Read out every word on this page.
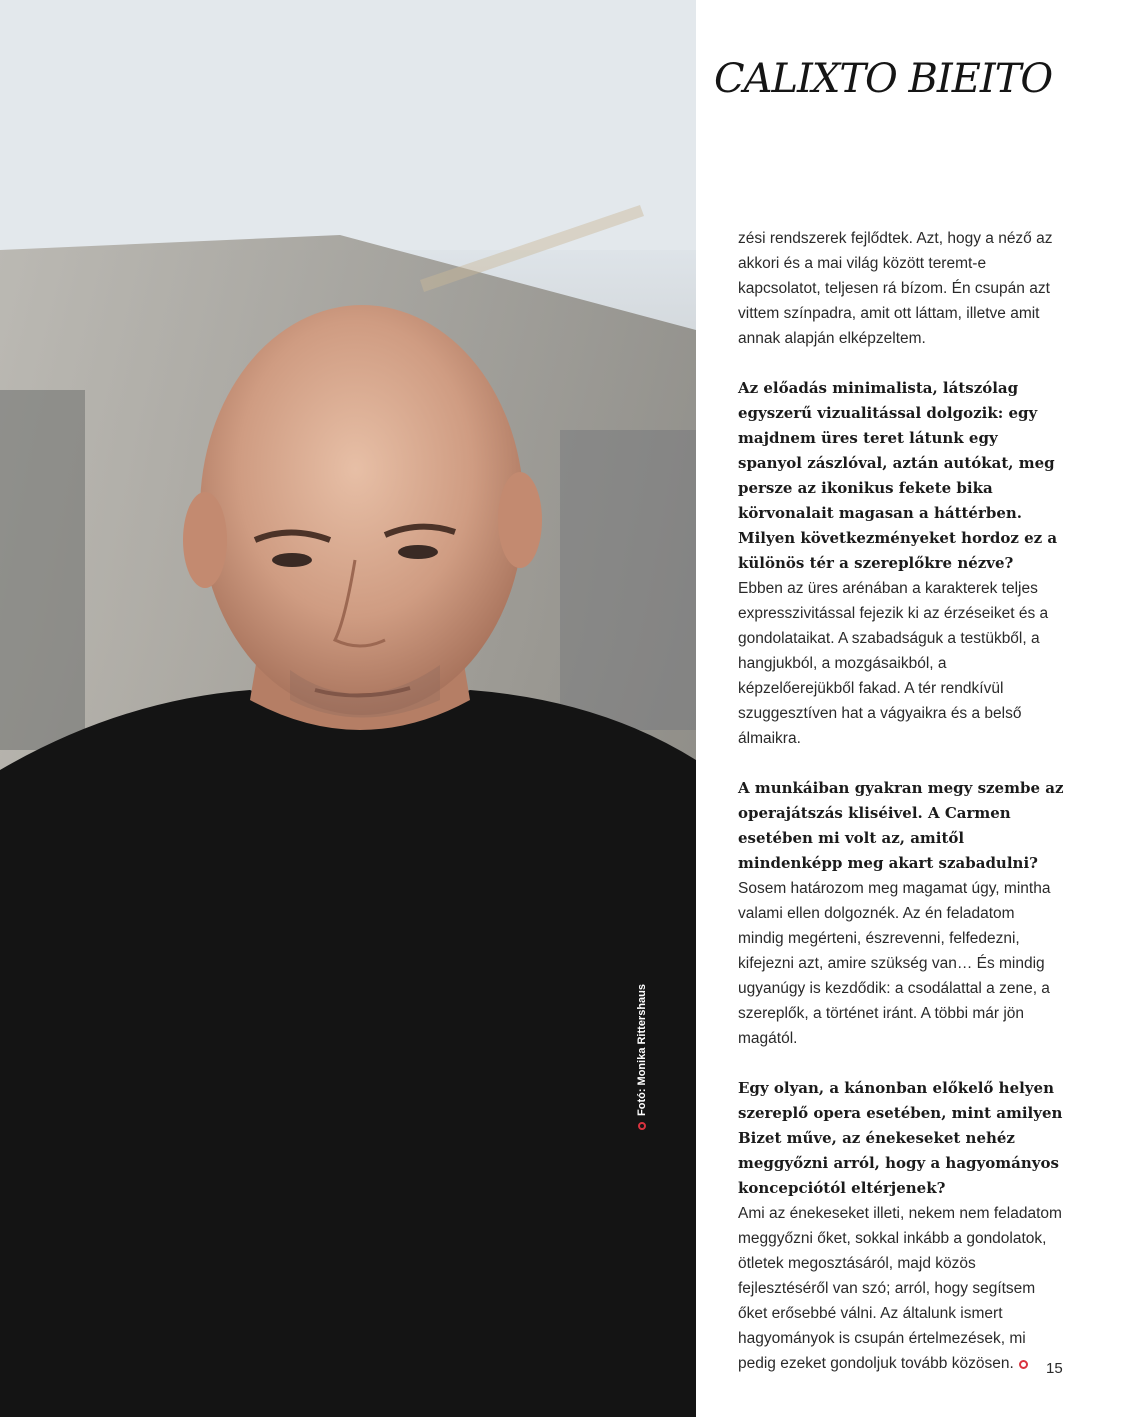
Fotó: Monika Rittershaus
CALIXTO BIEITO

zési rendszerek fejlődtek. Azt, hogy a néző az akkori és a mai világ között teremt-e kapcsolatot, teljesen rá bízom. Én csupán azt vittem színpadra, amit ott láttam, illetve amit annak alapján elképzeltem.

Az előadás minimalista, látszólag egyszerű vizualitással dolgozik: egy majdnem üres teret látunk egy spanyol zászlóval, aztán autókat, meg persze az ikonikus fekete bika körvonalait magasan a háttérben. Milyen következményeket hordoz ez a különös tér a szereplőkre nézve?

Ebben az üres arénában a karakterek teljes expresszivitással fejezik ki az érzéseiket és a gondolataikat. A szabadságuk a testükből, a hangjukból, a mozgásaikból, a képzelőerejükből fakad. A tér rendkívül szuggesztíven hat a vágyaikra és a belső álmaikra.

A munkáiban gyakran megy szembe az operajátszás kliséivel. A Carmen esetében mi volt az, amitől mindenképp meg akart szabadulni?

Sosem határozom meg magamat úgy, mintha valami ellen dolgoznék. Az én feladatom mindig megérteni, észrevenni, felfedezni, kifejezni azt, amire szükség van… És mindig ugyanúgy is kezdődik: a csodálattal a zene, a szereplők, a történet iránt. A többi már jön magától.

Egy olyan, a kánonban előkelő helyen szereplő opera esetében, mint amilyen Bizet műve, az énekeseket nehéz meggyőzni arról, hogy a hagyományos koncepciótól eltérjenek?

Ami az énekeseket illeti, nekem nem feladatom meggyőzni őket, sokkal inkább a gondolatok, ötletek megosztásáról, majd közös fejlesztéséről van szó; arról, hogy segítsem őket erősebbé válni. Az általunk ismert hagyományok is csupán értelmezések, mi pedig ezeket gondoljuk tovább közösen.	15
